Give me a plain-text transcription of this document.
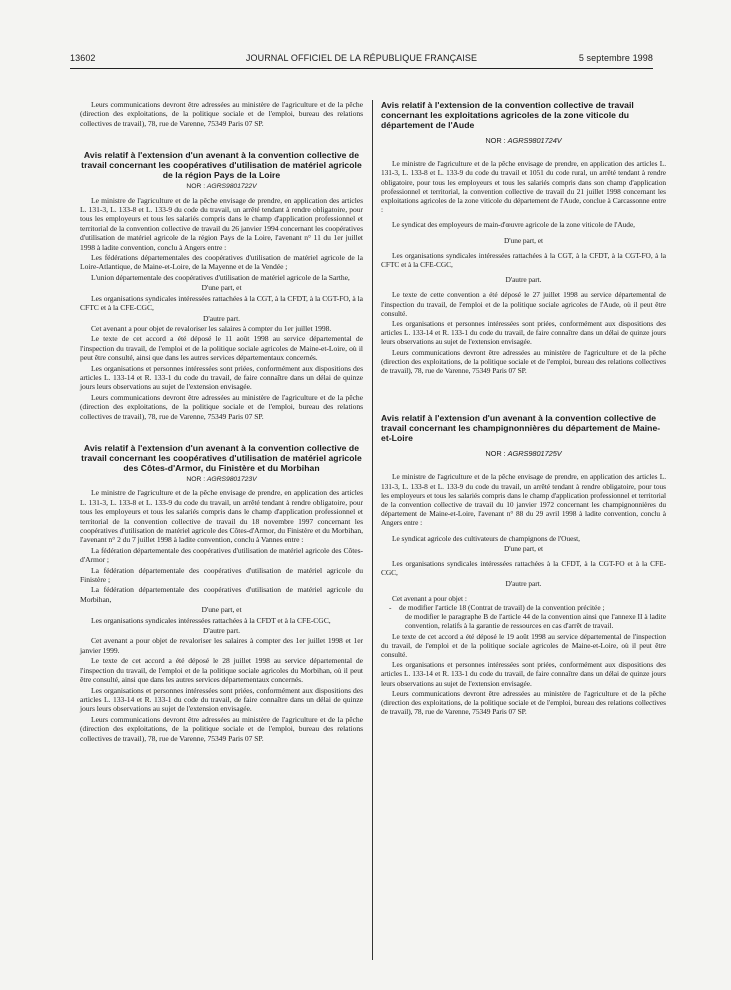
13602	JOURNAL OFFICIEL DE LA RÉPUBLIQUE FRANÇAISE	5 septembre 1998

Leurs communications devront être adressées au ministère de l'agriculture et de la pêche (direction des exploitations, de la politique sociale et de l'emploi, bureau des relations collectives de travail), 78, rue de Varenne, 75349 Paris 07 SP.

Avis relatif à l'extension d'un avenant à la convention collective de travail concernant les coopératives d'utilisation de matériel agricole de la région Pays de la Loire

NOR : AGRS9801722V

Le ministre de l'agriculture et de la pêche envisage de prendre, en application des articles L. 131-3, L. 133-8 et L. 133-9 du code du travail, un arrêté tendant à rendre obligatoire, pour tous les employeurs et tous les salariés compris dans le champ d'application professionnel et territorial de la convention collective de travail du 26 janvier 1994 concernant les coopératives d'utilisation de matériel agricole de la région Pays de la Loire, l'avenant n° 11 du 1er juillet 1998 à ladite convention, conclu à Angers entre :

Les fédérations départementales des coopératives d'utilisation de matériel agricole de la Loire-Atlantique, de Maine-et-Loire, de la Mayenne et de la Vendée ;

L'union départementale des coopératives d'utilisation de matériel agricole de la Sarthe,

D'une part, et

Les organisations syndicales intéressées rattachées à la CGT, à la CFDT, à la CGT-FO, à la CFTC et à la CFE-CGC,

D'autre part.

Cet avenant a pour objet de revaloriser les salaires à compter du 1er juillet 1998.

Le texte de cet accord a été déposé le 11 août 1998 au service départemental de l'inspection du travail, de l'emploi et de la politique sociale agricoles de Maine-et-Loire, où il peut être consulté, ainsi que dans les autres services départementaux concernés.

Les organisations et personnes intéressées sont priées, conformément aux dispositions des articles L. 133-14 et R. 133-1 du code du travail, de faire connaître dans un délai de quinze jours leurs observations au sujet de l'extension envisagée.

Leurs communications devront être adressées au ministère de l'agriculture et de la pêche (direction des exploitations, de la politique sociale et de l'emploi, bureau des relations collectives de travail), 78, rue de Varenne, 75349 Paris 07 SP.

Avis relatif à l'extension d'un avenant à la convention collective de travail concernant les coopératives d'utilisation de matériel agricole des Côtes-d'Armor, du Finistère et du Morbihan

NOR : AGRS9801723V

Le ministre de l'agriculture et de la pêche envisage de prendre, en application des articles L. 131-3, L. 133-8 et L. 133-9 du code du travail, un arrêté tendant à rendre obligatoire, pour tous les employeurs et tous les salariés compris dans le champ d'application professionnel et territorial de la convention collective de travail du 18 novembre 1997 concernant les coopératives d'utilisation de matériel agricole des Côtes-d'Armor, du Finistère et du Morbihan, l'avenant n° 2 du 7 juillet 1998 à ladite convention, conclu à Vannes entre :

La fédération départementale des coopératives d'utilisation de matériel agricole des Côtes-d'Armor ;

La fédération départementale des coopératives d'utilisation de matériel agricole du Finistère ;

La fédération départementale des coopératives d'utilisation de matériel agricole du Morbihan,

D'une part, et

Les organisations syndicales intéressées rattachées à la CFDT et à la CFE-CGC,

D'autre part.

Cet avenant a pour objet de revaloriser les salaires à compter des 1er juillet 1998 et 1er janvier 1999.

Le texte de cet accord a été déposé le 28 juillet 1998 au service départemental de l'inspection du travail, de l'emploi et de la politique sociale agricoles du Morbihan, où il peut être consulté, ainsi que dans les autres services départementaux concernés.

Les organisations et personnes intéressées sont priées, conformément aux dispositions des articles L. 133-14 et R. 133-1 du code du travail, de faire connaître dans un délai de quinze jours leurs observations au sujet de l'extension envisagée.

Leurs communications devront être adressées au ministère de l'agriculture et de la pêche (direction des exploitations, de la politique sociale et de l'emploi, bureau des relations collectives de travail), 78, rue de Varenne, 75349 Paris 07 SP.

Avis relatif à l'extension de la convention collective de travail concernant les exploitations agricoles de la zone viticole du département de l'Aude

NOR : AGRS9801724V

Le ministre de l'agriculture et de la pêche envisage de prendre, en application des articles L. 131-3, L. 133-8 et L. 133-9 du code du travail et 1051 du code rural, un arrêté tendant à rendre obligatoire, pour tous les employeurs et tous les salariés compris dans son champ d'application professionnel et territorial, la convention collective de travail du 21 juillet 1998 concernant les exploitations agricoles de la zone viticole du département de l'Aude, conclue à Carcassonne entre :

Le syndicat des employeurs de main-d'œuvre agricole de la zone viticole de l'Aude,

D'une part, et

Les organisations syndicales intéressées rattachées à la CGT, à la CFDT, à la CGT-FO, à la CFTC et à la CFE-CGC,

D'autre part.

Le texte de cette convention a été déposé le 27 juillet 1998 au service départemental de l'inspection du travail, de l'emploi et de la politique sociale agricoles de l'Aude, où il peut être consulté.

Les organisations et personnes intéressées sont priées, conformément aux dispositions des articles L. 133-14 et R. 133-1 du code du travail, de faire connaître dans un délai de quinze jours leurs observations au sujet de l'extension envisagée.

Leurs communications devront être adressées au ministère de l'agriculture et de la pêche (direction des exploitations, de la politique sociale et de l'emploi, bureau des relations collectives de travail), 78, rue de Varenne, 75349 Paris 07 SP.

Avis relatif à l'extension d'un avenant à la convention collective de travail concernant les champignonnières du département de Maine-et-Loire

NOR : AGRS9801725V

Le ministre de l'agriculture et de la pêche envisage de prendre, en application des articles L. 131-3, L. 133-8 et L. 133-9 du code du travail, un arrêté tendant à rendre obligatoire, pour tous les employeurs et tous les salariés compris dans le champ d'application professionnel et territorial de la convention collective de travail du 10 janvier 1972 concernant les champignonnières du département de Maine-et-Loire, l'avenant n° 88 du 29 avril 1998 à ladite convention, conclu à Angers entre :

Le syndicat agricole des cultivateurs de champignons de l'Ouest,

D'une part, et

Les organisations syndicales intéressées rattachées à la CFDT, à la CGT-FO et à la CFE-CGC,

D'autre part.

Cet avenant a pour objet :

- de modifier l'article 18 (Contrat de travail) de la convention précitée ;
de modifier le paragraphe B de l'article 44 de la convention ainsi que l'annexe II à ladite convention, relatifs à la garantie de ressources en cas d'arrêt de travail.

Le texte de cet accord a été déposé le 19 août 1998 au service départemental de l'inspection du travail, de l'emploi et de la politique sociale agricoles de Maine-et-Loire, où il peut être consulté.

Les organisations et personnes intéressées sont priées, conformément aux dispositions des articles L. 133-14 et R. 133-1 du code du travail, de faire connaître dans un délai de quinze jours leurs observations au sujet de l'extension envisagée.

Leurs communications devront être adressées au ministère de l'agriculture et de la pêche (direction des exploitations, de la politique sociale et de l'emploi, bureau des relations collectives de travail), 78, rue de Varenne, 75349 Paris 07 SP.
